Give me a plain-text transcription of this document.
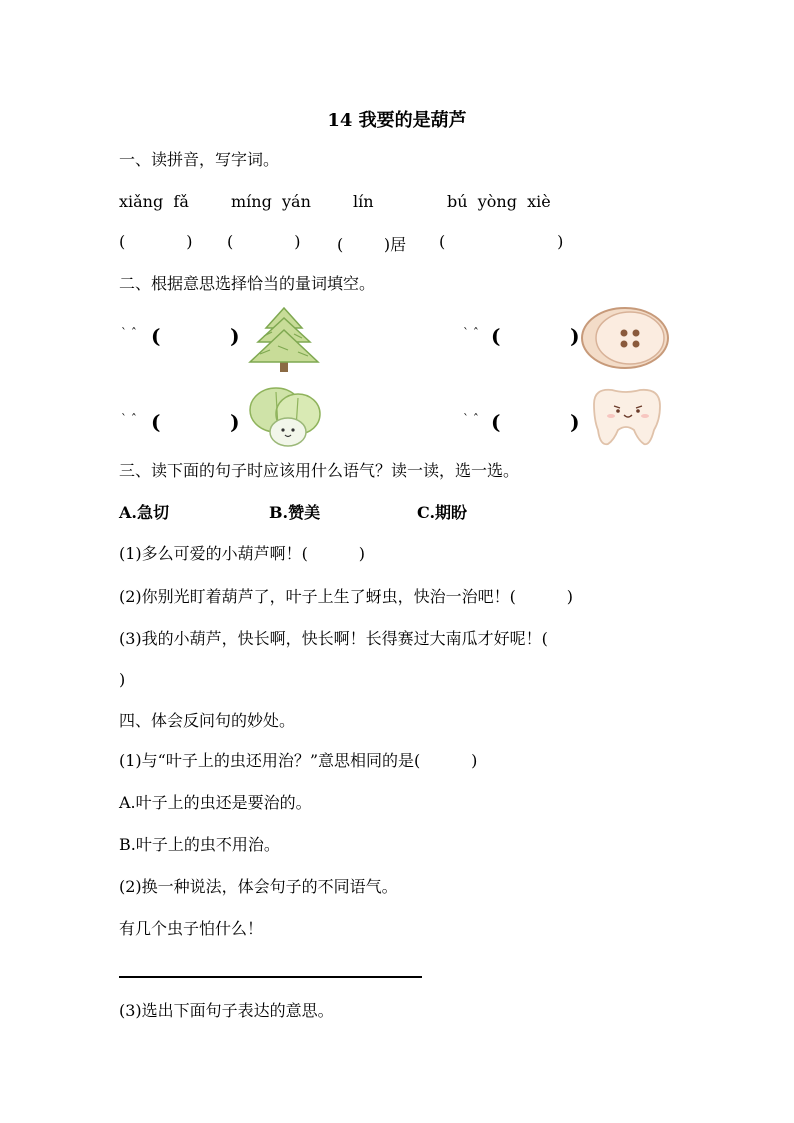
14 我要的是葫芦
一、读拼音，写字词。
xiǎng  fǎ	míng  yán	lín	bú  yòng  xiè
(            ) (            ) (        )居 (                      )
二、根据意思选择恰当的量词填空。
ˋ ˆ (          )	ˋ ˆ (          )
ˋ ˆ (          )	ˋ ˆ (          )
三、读下面的句子时应该用什么语气？读一读，选一选。
A.急切	B.赞美	C.期盼
(1)多么可爱的小葫芦啊！(          )
(2)你别光盯着葫芦了，叶子上生了蚜虫，快治一治吧！(          )
(3)我的小葫芦，快长啊，快长啊！长得赛过大南瓜才好呢！(
)
四、体会反问句的妙处。
(1)与“叶子上的虫还用治？”意思相同的是(          )
A.叶子上的虫还是要治的。
B.叶子上的虫不用治。
(2)换一种说法，体会句子的不同语气。
有几个虫子怕什么！
(3)选出下面句子表达的意思。
